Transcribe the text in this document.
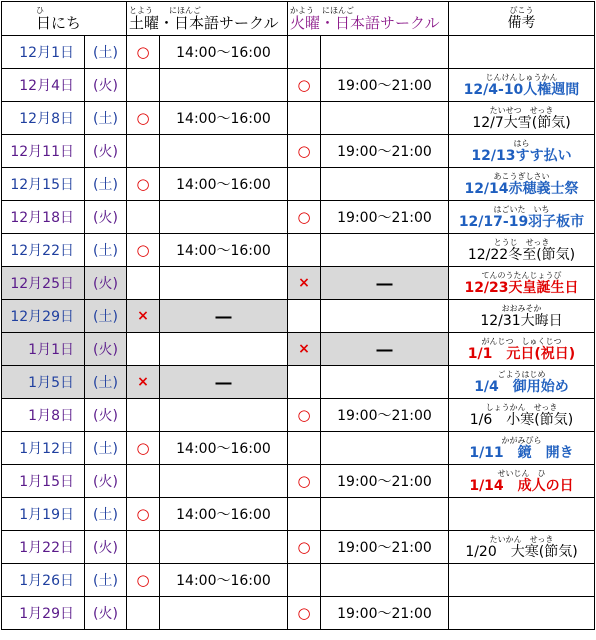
ひ
日にち		とよう　　にほんご
土曜・日本語サークル		かよう　にほんご
火曜・日本語サークル		びこう
備考

12月1日	(土)	○	14:00～16:00			

12月4日	(火)			○	19:00～21:00	じんけんしゅうかん
12/4-10人権週間

12月8日	(土)	○	14:00～16:00			たいせつ　せっき
12/7大雪(節気)

12月11日	(火)			○	19:00～21:00	はら
12/13すす払い

12月15日	(土)	○	14:00～16:00			あこうぎしさい
12/14赤穂義士祭

12月18日	(火)			○	19:00～21:00	はごいた　いち
12/17-19羽子板市

12月22日	(土)	○	14:00～16:00			とうじ　せっき
12/22冬至(節気)

12月25日	(火)			×	―	てんのうたんじょうび
12/23天皇誕生日

12月29日	(土)	×	―			おおみそか
12/31大晦日

1月1日	(火)			×	―	がんじつ　しゅくじつ
1/1　元日(祝日)

1月5日	(土)	×	―			ごようはじめ
1/4　御用始め

1月8日	(火)			○	19:00～21:00	しょうかん　せっき
1/6　小寒(節気)

1月12日	(土)	○	14:00～16:00			かがみびら
1/11　鏡　開き

1月15日	(火)			○	19:00～21:00	せいじん　ひ
1/14　成人の日

1月19日	(土)	○	14:00～16:00			

1月22日	(火)			○	19:00～21:00	たいかん　せっき
1/20　大寒(節気)

1月26日	(土)	○	14:00～16:00			

1月29日	(火)			○	19:00～21:00	
